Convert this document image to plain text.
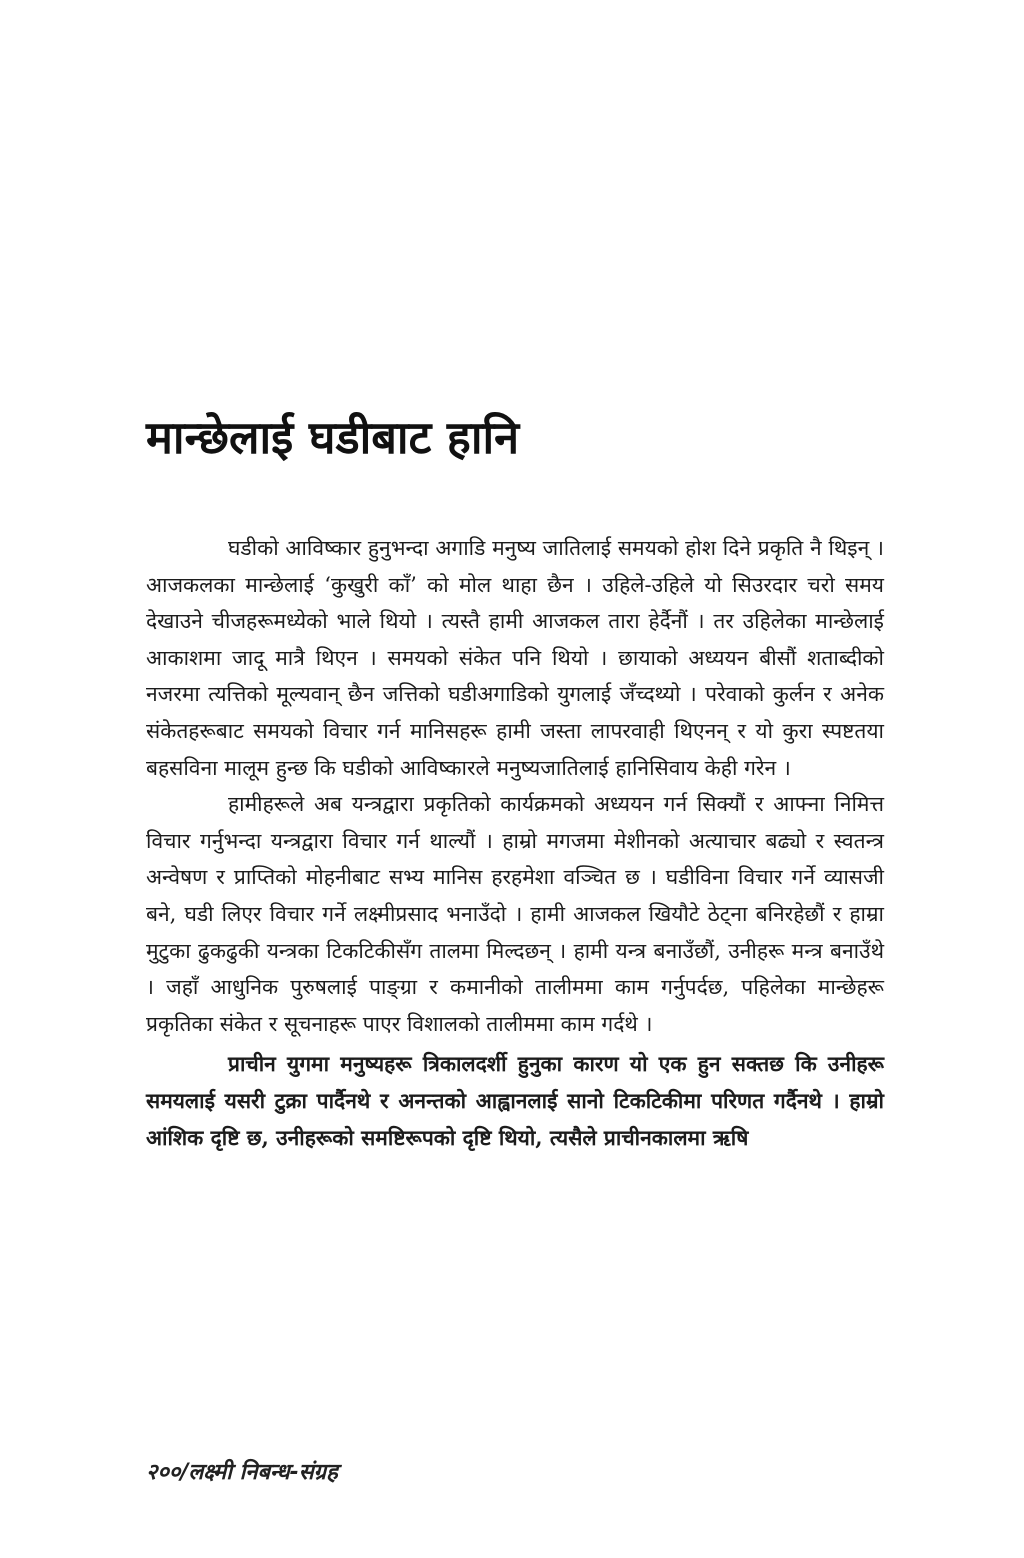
मान्छेलाई घडीबाट हानि

घडीको आविष्कार हुनुभन्दा अगाडि मनुष्य जातिलाई समयको होश दिने प्रकृति नै थिइन् । आजकलका मान्छेलाई ‘कुखुरी काँ’ को मोल थाहा छैन । उहिले-उहिले यो सिउरदार चरो समय देखाउने चीजहरूमध्येको भाले थियो । त्यस्तै हामी आजकल तारा हेर्दैनौं । तर उहिलेका मान्छेलाई आकाशमा जादू मात्रै थिएन । समयको संकेत पनि थियो । छायाको अध्ययन बीसौं शताब्दीको नजरमा त्यत्तिको मूल्यवान् छैन जत्तिको घडीअगाडिको युगलाई जँच्दथ्यो । परेवाको कुर्लन र अनेक संकेतहरूबाट समयको विचार गर्न मानिसहरू हामी जस्ता लापरवाही थिएनन् र यो कुरा स्पष्टतया बहसविना मालूम हुन्छ कि घडीको आविष्कारले मनुष्यजातिलाई हानिसिवाय केही गरेन ।

हामीहरूले अब यन्त्रद्वारा प्रकृतिको कार्यक्रमको अध्ययन गर्न सिक्यौं र आफ्ना निमित्त विचार गर्नुभन्दा यन्त्रद्वारा विचार गर्न थाल्यौं । हाम्रो मगजमा मेशीनको अत्याचार बढ्यो र स्वतन्त्र अन्वेषण र प्राप्तिको मोहनीबाट सभ्य मानिस हरहमेशा वञ्चित छ । घडीविना विचार गर्ने व्यासजी बने, घडी लिएर विचार गर्ने लक्ष्मीप्रसाद भनाउँदो । हामी आजकल खियौटे ठेट्ना बनिरहेछौं र हाम्रा मुटुका ढुकढुकी यन्त्रका टिकटिकीसँग तालमा मिल्दछन् । हामी यन्त्र बनाउँछौं, उनीहरू मन्त्र बनाउँथे । जहाँ आधुनिक पुरुषलाई पाङ्ग्रा र कमानीको तालीममा काम गर्नुपर्दछ, पहिलेका मान्छेहरू प्रकृतिका संकेत र सूचनाहरू पाएर विशालको तालीममा काम गर्दथे ।

प्राचीन युगमा मनुष्यहरू त्रिकालदर्शी हुनुका कारण यो एक हुन सक्तछ कि उनीहरू समयलाई यसरी टुक्रा पार्दैनथे र अनन्तको आह्वानलाई सानो टिकटिकीमा परिणत गर्दैनथे । हाम्रो आंशिक दृष्टि छ, उनीहरूको समष्टिरूपको दृष्टि थियो, त्यसैले प्राचीनकालमा ऋषि

२००/लक्ष्मी निबन्ध-संग्रह
